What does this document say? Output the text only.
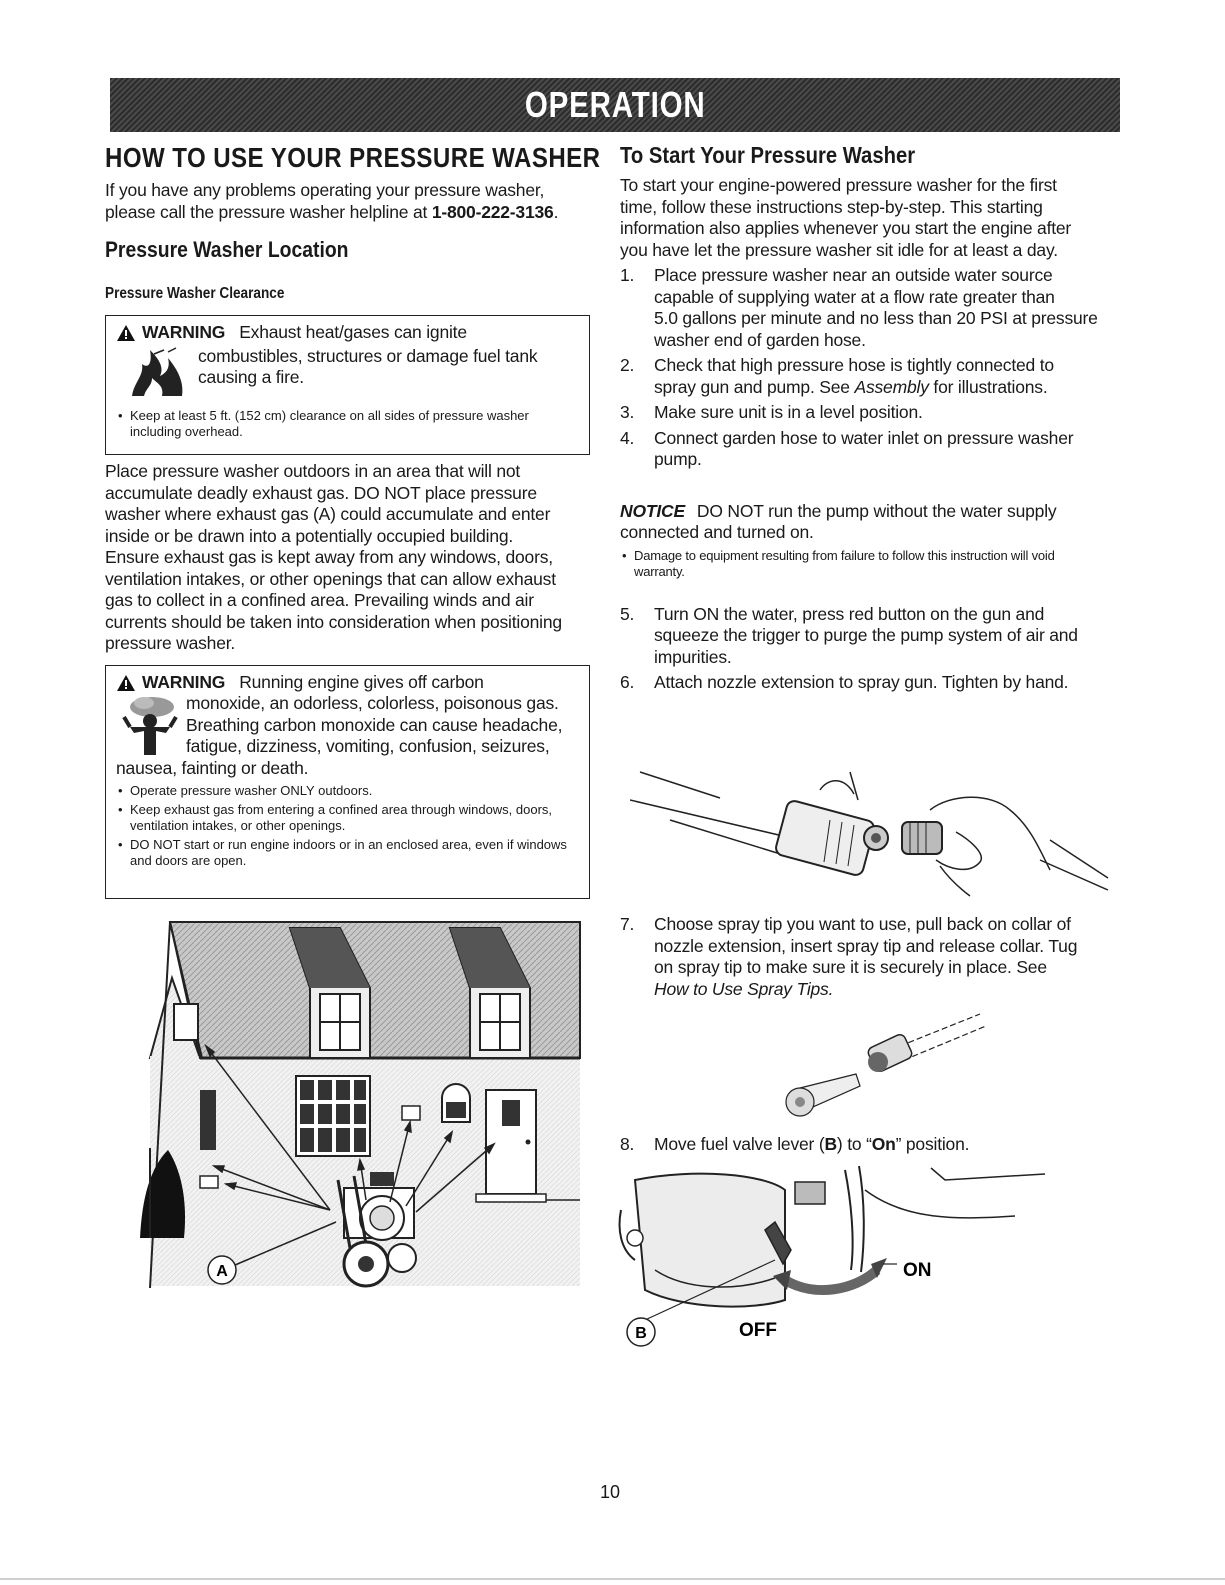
OPERATION
HOW TO USE YOUR PRESSURE WASHER
If you have any problems operating your pressure washer,
please call the pressure washer helpline at 1-800-222-3136.
Pressure Washer Location
Pressure Washer Clearance
WARNING Exhaust heat/gases can ignite
combustibles, structures or damage fuel tank
causing a fire.
• Keep at least 5 ft. (152 cm) clearance on all sides of pressure washer including overhead.
Place pressure washer outdoors in an area that will not
accumulate deadly exhaust gas. DO NOT place pressure
washer where exhaust gas (A) could accumulate and enter
inside or be drawn into a potentially occupied building.
Ensure exhaust gas is kept away from any windows, doors,
ventilation intakes, or other openings that can allow exhaust
gas to collect in a confined area. Prevailing winds and air
currents should be taken into consideration when positioning
pressure washer.
WARNING Running engine gives off carbon
monoxide, an odorless, colorless, poisonous gas.
Breathing carbon monoxide can cause headache,
fatigue, dizziness, vomiting, confusion, seizures,
nausea, fainting or death.
• Operate pressure washer ONLY outdoors.
• Keep exhaust gas from entering a confined area through windows, doors, ventilation intakes, or other openings.
• DO NOT start or run engine indoors or in an enclosed area, even if windows and doors are open.
A
To Start Your Pressure Washer
To start your engine-powered pressure washer for the first
time, follow these instructions step-by-step. This starting
information also applies whenever you start the engine after
you have let the pressure washer sit idle for at least a day.
1. Place pressure washer near an outside water source
capable of supplying water at a flow rate greater than
5.0 gallons per minute and no less than 20 PSI at pressure
washer end of garden hose.
2. Check that high pressure hose is tightly connected to
spray gun and pump. See Assembly for illustrations.
3. Make sure unit is in a level position.
4. Connect garden hose to water inlet on pressure washer
pump.
NOTICE DO NOT run the pump without the water supply
connected and turned on.
• Damage to equipment resulting from failure to follow this instruction will void warranty.
5. Turn ON the water, press red button on the gun and
squeeze the trigger to purge the pump system of air and
impurities.
6. Attach nozzle extension to spray gun. Tighten by hand.
7. Choose spray tip you want to use, pull back on collar of
nozzle extension, insert spray tip and release collar. Tug
on spray tip to make sure it is securely in place. See
How to Use Spray Tips.
8. Move fuel valve lever (B) to “On” position.
ON
OFF
B
10
